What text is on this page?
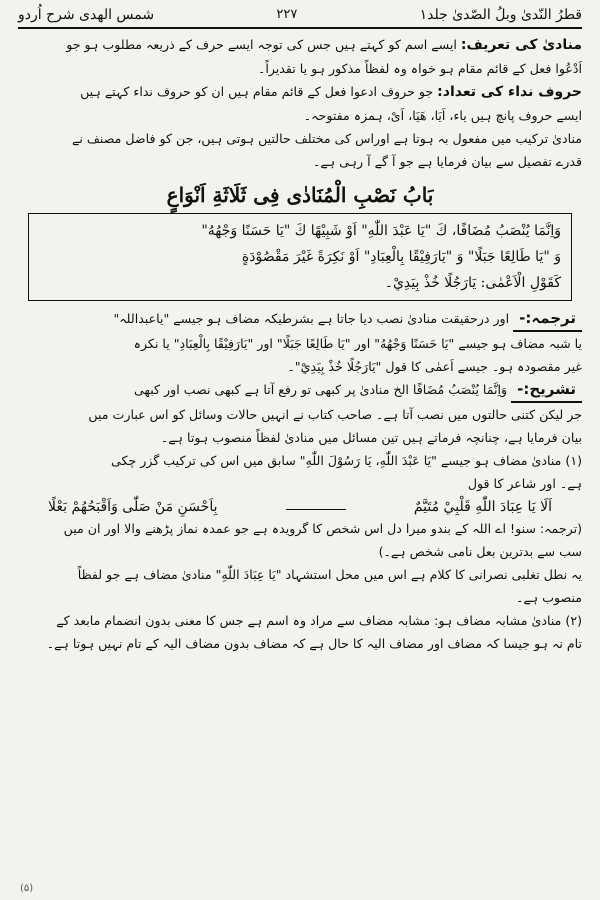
قطرُ النّدیٰ وبلُ الصّدیٰ جلد۱
۲۲۷
شمس الهدی شرح اُردو

منادیٰ کی تعریف: ایسے اسم کو کہتے ہیں جس کی توجہ ایسے حرف کے ذریعہ مطلوب ہو جو
اَدْعُوا فعل کے قائم مقام ہو خواہ وہ لفظاً مذکور ہو یا تقدیراً۔

حروف نداء کی تعداد: جو حروف ادعوا فعل کے قائم مقام ہیں ان کو حروف نداء کہتے ہیں
ایسے حروف پانچ ہیں یاء، اَیَا، ھَیَا، اَیْ، ہمزہ مفتوحہ۔
منادیٰ ترکیب میں مفعول بہ ہوتا ہے اوراس کی مختلف حالتیں ہوتی ہیں، جن کو فاضل مصنف نے
قدرے تفصیل سے بیان فرمایا ہے جو آ گے آ رہی ہے۔

بَابُ نَصْبِ الْمُنَادٰی فِی ثَلَاثَةِ اَنْوَاعٍ
وَاِنَّمَا يُنْصَبُ مُضَافًا، كَ "يَا عَبْدَ اللّٰهِ" اَوْ شَبِيْهًا كَ "يَا حَسَنًا وَجْهُهُ"
وَ "يَا طَالِعًا جَبَلًا" وَ "يَارَفِيْقًا بِالْعِبَادِ" اَوْ نَكِرَةً غَيْرَ مَقْصُوْدَةٍ
كَقَوْلِ الْاَعْمٰى: يَارَجُلًا خُذْ بِيَدِيْ۔

ترجمہ:- اور درحقیقت منادیٰ نصب دیا جاتا ہے بشرطیکہ مضاف ہو جیسے "یاعبداللہ"
یا شبہ مضاف ہو جیسے "يَا حَسَنًا وَجْهُهُ" اور "يَا طَالِعًا جَبَلًا" اور "يَارَفِيْقًا بِالْعِبَادِ" یا نکرہ
غیر مقصودہ ہو۔ جیسے اَعمٰی کا قول "يَارَجُلًا خُذْ بِيَدِيْ"۔

تشریح:- وَاِنَّمَا يُنْصَبُ مُضَافًا الخ منادیٰ پر کبھی تو رفع آتا ہے کبھی نصب اور کبھی
جر لیکن کتنی حالتوں میں نصب آتا ہے۔ صاحب کتاب نے انہیں حالات وسائل کو اس عبارت میں
بیان فرمایا ہے، چنانچہ فرماتے ہیں تین مسائل میں منادیٰ لفظاً منصوب ہوتا ہے۔
(۱) منادیٰ مضاف ہو جیسے "يَا عَبْدَ اللّٰهِ، يَا رَسُوْلَ اللّٰهِ" سابق میں اس کی ترکیب گزر چکی
ہے۔ اور شاعر کا قول

اَلَا يَا عِبَادَ اللّٰهِ قَلْبِيْ مُتَيَّمٌ
بِاَحْسَنِ مَنْ صَلّٰى وَاَقْبَحُهُمْ بَعْلًا

(ترجمہ: سنو! اے اللہ کے بندو میرا دل اس شخص کا گرویدہ ہے جو عمدہ نماز پڑھنے والا اور ان میں
سب سے بدترین بعل نامی شخص ہے۔)
یہ نطل تغلبی نصرانی کا کلام ہے اس میں محل استشہاد "يَا عِبَادَ اللّٰهِ" منادیٰ مضاف ہے جو لفظاً
منصوب ہے۔
(۲) منادیٰ مشابہ مضاف ہو: مشابہ مضاف سے مراد وہ اسم ہے جس کا معنی بدون انضمام مابعد کے
تام نہ ہو جیسا کہ مضاف اور مضاف الیہ کا حال ہے کہ مضاف بدون مضاف الیہ کے تام نہیں ہوتا ہے۔

(۵)
